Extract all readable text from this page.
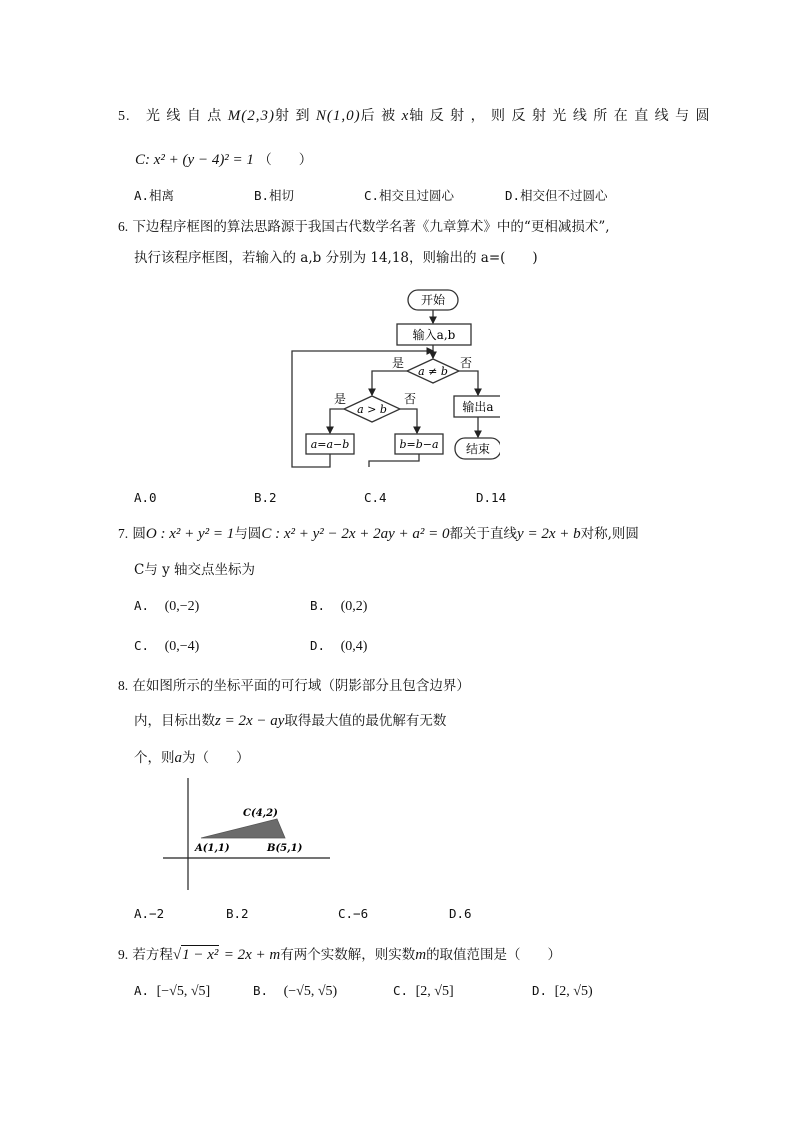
5. 光 线 自 点 M(2,3)射 到 N(1,0)后 被 x轴 反 射 ， 则 反 射 光 线 所 在 直 线 与 圆
C: x² + (y − 4)² = 1 （　　）
A.相离	B.相切	C.相交且过圆心	D.相交但不过圆心
6. 下边程序框图的算法思路源于我国古代数学名著《九章算术》中的“更相减损术”,
执行该程序框图，若输入的 a,b 分别为 14,18，则输出的 a=(　　)
开始
输入a,b
a ≠ b
是	否
a > b
是	否
a=a−b	b=b−a
输出a
结束
A.0	B.2	C.4	D.14
7. 圆O : x² + y² = 1与圆C : x² + y² − 2x + 2ay + a² = 0都关于直线y = 2x + b对称,则圆
C与 y 轴交点坐标为
A. (0,−2)	B. (0,2)
C. (0,−4)	D. (0,4)
8. 在如图所示的坐标平面的可行域（阴影部分且包含边界）
内，目标出数z = 2x − ay取得最大值的最优解有无数
个，则a为（　　）
C(4,2)
A(1,1)	B(5,1)
A.−2	B.2	C.−6	D.6
9. 若方程√1 − x² = 2x + m有两个实数解，则实数m的取值范围是（　　）
A. [−√5, √5]	B. (−√5, √5)	C. [2, √5]	D. [2, √5)
